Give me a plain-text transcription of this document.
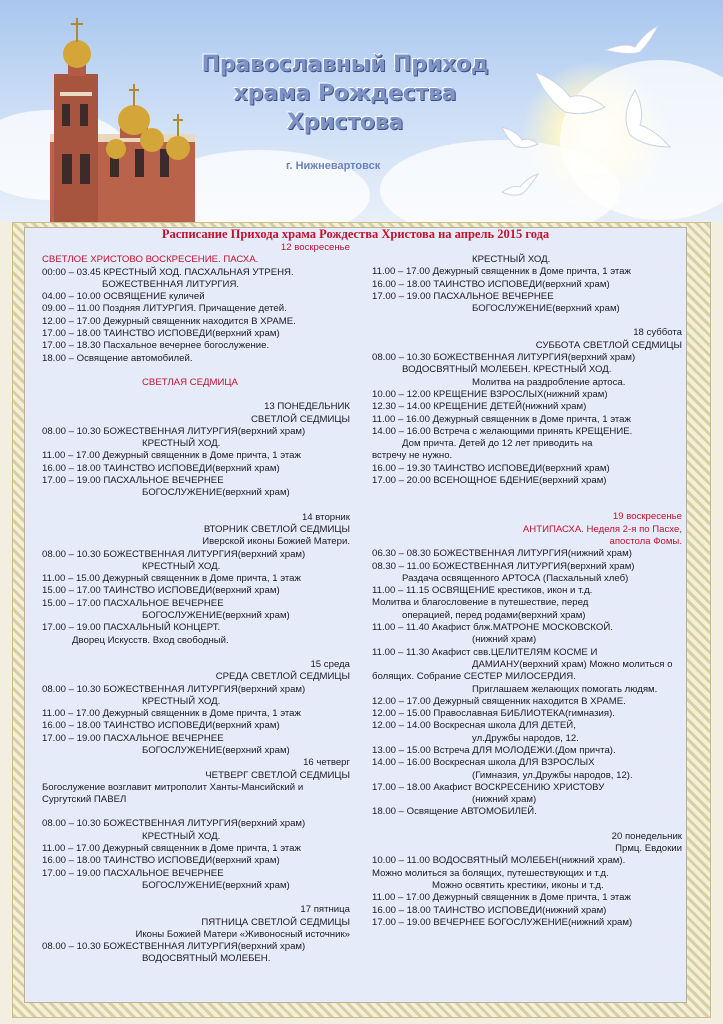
Православный Приход
храма Рождества
Христова
г. Нижневартовск
Расписание Прихода храма Рождества Христова на апрель 2015 года
12 воскресенье
СВЕТЛОЕ ХРИСТОВО ВОСКРЕСЕНИЕ. ПАСХА.
00:00 – 03.45 КРЕСТНЫЙ ХОД. ПАСХАЛЬНАЯ УТРЕНЯ.
БОЖЕСТВЕННАЯ ЛИТУРГИЯ.
04.00 – 10.00 ОСВЯЩЕНИЕ куличей
09.00 – 11.00 Поздняя ЛИТУРГИЯ. Причащение детей.
12.00 – 17.00 Дежурный священник находится В ХРАМЕ.
17.00 – 18.00 ТАИНСТВО ИСПОВЕДИ(верхний храм)
17.00 – 18.30 Пасхальное вечернее богослужение.
18.00 – Освящение автомобилей.
СВЕТЛАЯ СЕДМИЦА
13 ПОНЕДЕЛЬНИК
СВЕТЛОЙ СЕДМИЦЫ
08.00 – 10.30 БОЖЕСТВЕННАЯ ЛИТУРГИЯ(верхний храм)
КРЕСТНЫЙ ХОД.
11.00 – 17.00 Дежурный священник в Доме причта, 1 этаж
16.00 – 18.00 ТАИНСТВО ИСПОВЕДИ(верхний храм)
17.00 – 19.00 ПАСХАЛЬНОЕ ВЕЧЕРНЕЕ
БОГОСЛУЖЕНИЕ(верхний храм)
14 вторник
ВТОРНИК СВЕТЛОЙ СЕДМИЦЫ
Иверской иконы Божией Матери.
08.00 – 10.30 БОЖЕСТВЕННАЯ ЛИТУРГИЯ(верхний храм)
КРЕСТНЫЙ ХОД.
11.00 – 15.00 Дежурный священник в Доме причта, 1 этаж
15.00 – 17.00 ТАИНСТВО ИСПОВЕДИ(верхний храм)
15.00 – 17.00 ПАСХАЛЬНОЕ ВЕЧЕРНЕЕ
БОГОСЛУЖЕНИЕ(верхний храм)
17.00 – 19.00 ПАСХАЛЬНЫЙ КОНЦЕРТ.
Дворец Искусств. Вход свободный.
15 среда
СРЕДА СВЕТЛОЙ СЕДМИЦЫ
08.00 – 10.30 БОЖЕСТВЕННАЯ ЛИТУРГИЯ(верхний храм)
КРЕСТНЫЙ ХОД.
11.00 – 17.00 Дежурный священник в Доме причта, 1 этаж
16.00 – 18.00 ТАИНСТВО ИСПОВЕДИ(верхний храм)
17.00 – 19.00 ПАСХАЛЬНОЕ ВЕЧЕРНЕЕ
БОГОСЛУЖЕНИЕ(верхний храм)
16 четверг
ЧЕТВЕРГ СВЕТЛОЙ СЕДМИЦЫ
Богослужение возглавит митрополит Ханты-Мансийский и
Сургутский ПАВЕЛ
08.00 – 10.30 БОЖЕСТВЕННАЯ ЛИТУРГИЯ(верхний храм)
КРЕСТНЫЙ ХОД.
11.00 – 17.00 Дежурный священник в Доме причта, 1 этаж
16.00 – 18.00 ТАИНСТВО ИСПОВЕДИ(верхний храм)
17.00 – 19.00 ПАСХАЛЬНОЕ ВЕЧЕРНЕЕ
БОГОСЛУЖЕНИЕ(верхний храм)
17 пятница
ПЯТНИЦА СВЕТЛОЙ СЕДМИЦЫ
Иконы Божией Матери «Живоносный источник»
08.00 – 10.30 БОЖЕСТВЕННАЯ ЛИТУРГИЯ(верхний храм)
ВОДОСВЯТНЫЙ МОЛЕБЕН.
КРЕСТНЫЙ ХОД.
11.00 – 17.00 Дежурный священник в Доме причта, 1 этаж
16.00 – 18.00 ТАИНСТВО ИСПОВЕДИ(верхний храм)
17.00 – 19.00 ПАСХАЛЬНОЕ ВЕЧЕРНЕЕ
БОГОСЛУЖЕНИЕ(верхний храм)
18 суббота
СУББОТА СВЕТЛОЙ СЕДМИЦЫ
08.00 – 10.30 БОЖЕСТВЕННАЯ ЛИТУРГИЯ(верхний храм)
ВОДОСВЯТНЫЙ МОЛЕБЕН. КРЕСТНЫЙ ХОД.
Молитва на раздробление артоса.
10.00 – 12.00 КРЕЩЕНИЕ ВЗРОСЛЫХ(нижний храм)
12.30 – 14.00 КРЕЩЕНИЕ ДЕТЕЙ(нижний храм)
11.00 – 16.00 Дежурный священник в Доме причта, 1 этаж
14.00 – 16.00 Встреча с желающими принять КРЕЩЕНИЕ.
Дом причта. Детей до 12 лет приводить на
встречу не нужно.
16.00 – 19.30 ТАИНСТВО ИСПОВЕДИ(верхний храм)
17.00 – 20.00 ВСЕНОЩНОЕ БДЕНИЕ(верхний храм)
19 воскресенье
АНТИПАСХА. Неделя 2-я по Пасхе,
апостола Фомы.
06.30 – 08.30 БОЖЕСТВЕННАЯ ЛИТУРГИЯ(нижний храм)
08.30 – 11.00 БОЖЕСТВЕННАЯ ЛИТУРГИЯ(верхний храм)
Раздача освященного АРТОСА (Пасхальный хлеб)
11.00 – 11.15 ОСВЯЩЕНИЕ крестиков, икон и т.д.
Молитва и благословение в путешествие, перед
операцией, перед родами(верхний храм)
11.00 – 11.40 Акафист блж.МАТРОНЕ МОСКОВСКОЙ.
(нижний храм)
11.00 – 11.30 Акафист свв.ЦЕЛИТЕЛЯМ КОСМЕ И
ДАМИАНУ(верхний храм) Можно молиться о
болящих. Собрание СЕСТЕР МИЛОСЕРДИЯ.
Приглашаем желающих помогать людям.
12.00 – 17.00 Дежурный священник находится В ХРАМЕ.
12.00 – 15.00 Православная БИБЛИОТЕКА(гимназия).
12.00 – 14.00 Воскресная школа ДЛЯ ДЕТЕЙ,
ул.Дружбы народов, 12.
13.00 – 15.00 Встреча ДЛЯ МОЛОДЕЖИ.(Дом причта).
14.00 – 16.00 Воскресная школа ДЛЯ ВЗРОСЛЫХ
(Гимназия, ул.Дружбы народов, 12).
17.00 – 18.00 Акафист ВОСКРЕСЕНИЮ ХРИСТОВУ
(нижний храм)
18.00 – Освящение АВТОМОБИЛЕЙ.
20 понедельник
Прмц. Евдокии
10.00 – 11.00 ВОДОСВЯТНЫЙ МОЛЕБЕН(нижний храм).
Можно молиться за болящих, путешествующих и т.д.
Можно освятить крестики, иконы и т.д.
11.00 – 17.00 Дежурный священник в Доме причта, 1 этаж
16.00 – 18.00 ТАИНСТВО ИСПОВЕДИ(нижний храм)
17.00 – 19.00 ВЕЧЕРНЕЕ БОГОСЛУЖЕНИЕ(нижний храм)
